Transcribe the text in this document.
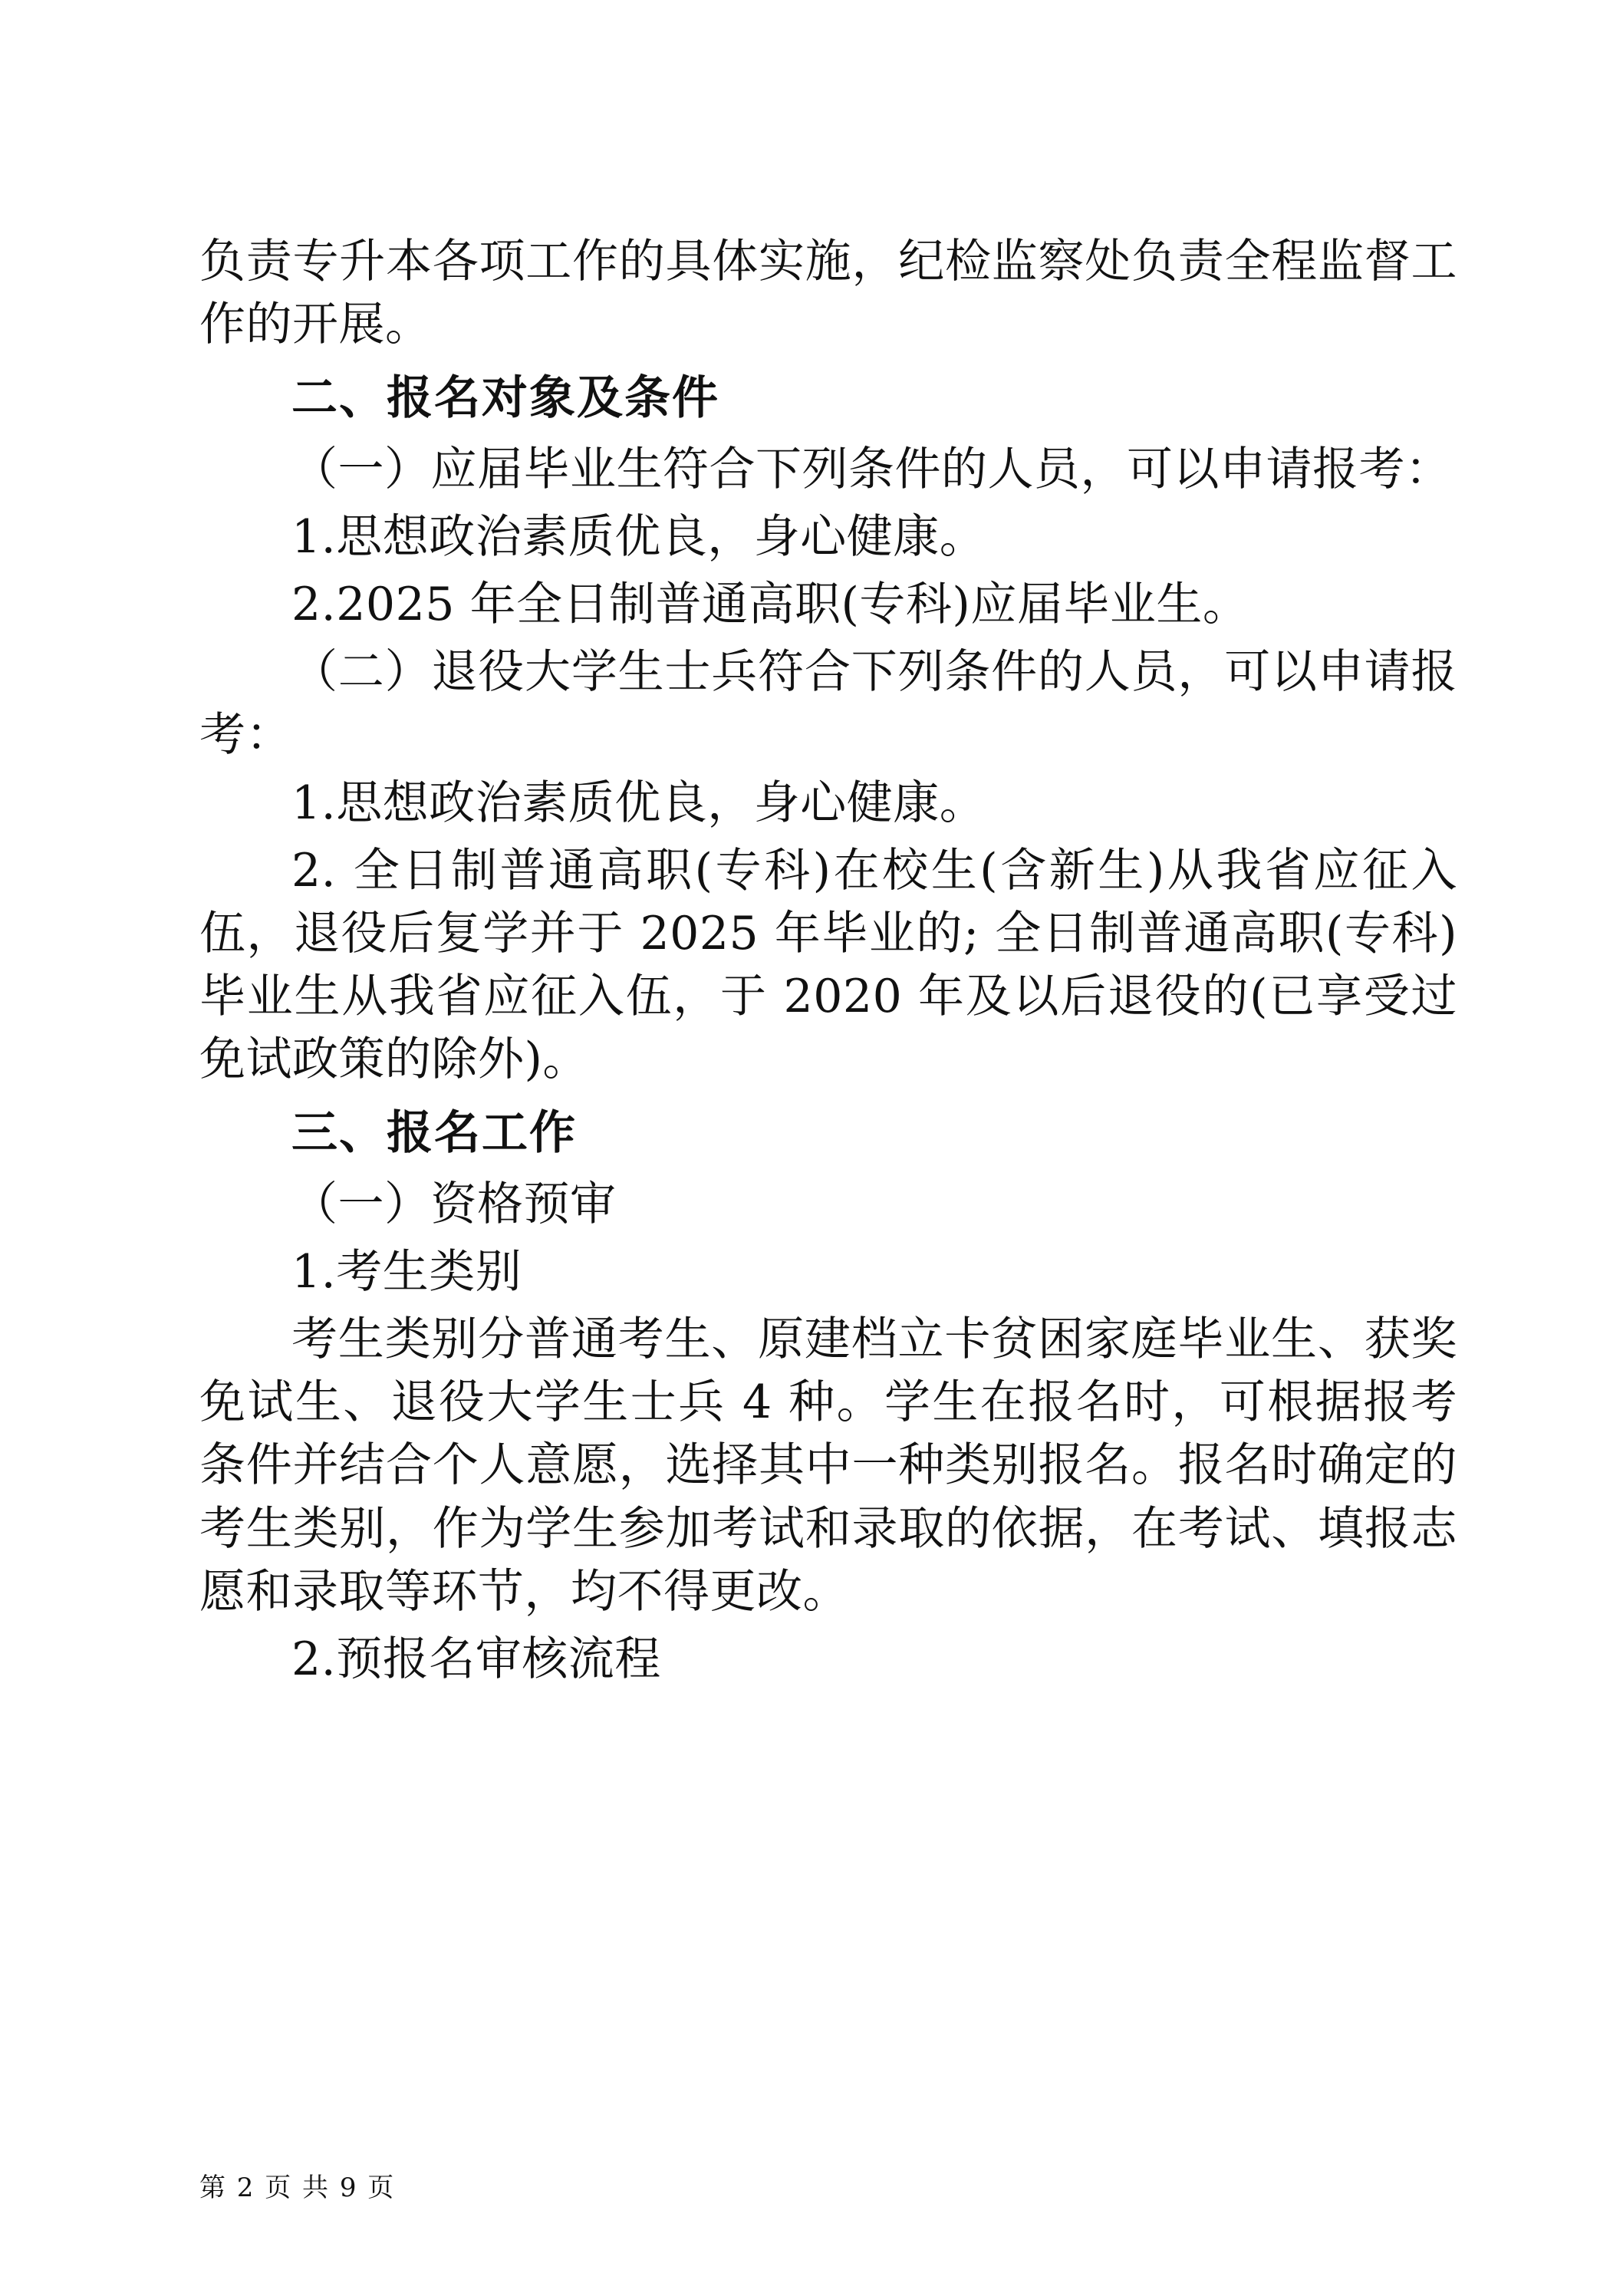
负责专升本各项工作的具体实施，纪检监察处负责全程监督工作的开展。

二、报名对象及条件

（一）应届毕业生符合下列条件的人员，可以申请报考：

1.思想政治素质优良，身心健康。

2.2025 年全日制普通高职(专科)应届毕业生。

（二）退役大学生士兵符合下列条件的人员，可以申请报考：

1.思想政治素质优良，身心健康。

2. 全日制普通高职(专科)在校生(含新生)从我省应征入伍，退役后复学并于 2025 年毕业的; 全日制普通高职(专科)毕业生从我省应征入伍，于 2020 年及以后退役的(已享受过免试政策的除外)。

三、报名工作

（一）资格预审

1.考生类别

考生类别分普通考生、原建档立卡贫困家庭毕业生、获奖免试生、退役大学生士兵 4 种。学生在报名时，可根据报考条件并结合个人意愿，选择其中一种类别报名。报名时确定的考生类别，作为学生参加考试和录取的依据，在考试、填报志愿和录取等环节，均不得更改。

2.预报名审核流程

第 2 页 共 9 页
